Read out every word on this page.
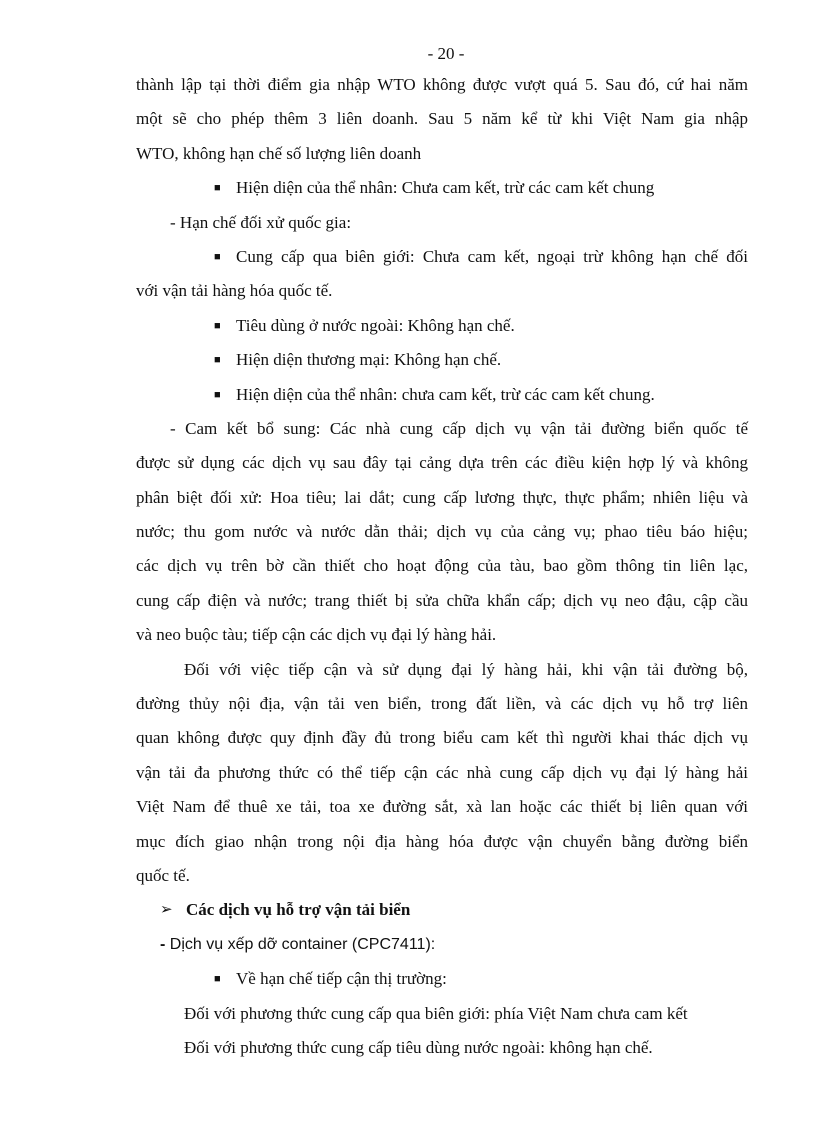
- 20 -
thành lập tại thời điểm gia nhập WTO không được vượt quá 5. Sau đó, cứ hai năm
một sẽ cho phép thêm 3 liên doanh. Sau 5 năm kể từ khi Việt Nam gia nhập
WTO, không hạn chế số lượng liên doanh
■ Hiện diện của thể nhân: Chưa cam kết, trừ các cam kết chung
- Hạn chế đối xử quốc gia:
■ Cung cấp qua biên giới: Chưa cam kết, ngoại trừ không hạn chế đối
với vận tải hàng hóa quốc tế.
■ Tiêu dùng ở nước ngoài: Không hạn chế.
■ Hiện diện thương mại: Không hạn chế.
■ Hiện diện của thể nhân: chưa cam kết, trừ các cam kết chung.
- Cam kết bổ sung: Các nhà cung cấp dịch vụ vận tải đường biển quốc tế
được sử dụng các dịch vụ sau đây tại cảng dựa trên các điều kiện hợp lý và không
phân biệt đối xử: Hoa tiêu; lai dắt; cung cấp lương thực, thực phẩm; nhiên liệu và
nước; thu gom nước và nước dằn thải; dịch vụ của cảng vụ; phao tiêu báo hiệu;
các dịch vụ trên bờ cần thiết cho hoạt động của tàu, bao gồm thông tin liên lạc,
cung cấp điện và nước; trang thiết bị sửa chữa khẩn cấp; dịch vụ neo đậu, cập cầu
và neo buộc tàu; tiếp cận các dịch vụ đại lý hàng hải.
Đối với việc tiếp cận và sử dụng đại lý hàng hải, khi vận tải đường bộ,
đường thủy nội địa, vận tải ven biển, trong đất liền, và các dịch vụ hỗ trợ liên
quan không được quy định đầy đủ trong biểu cam kết thì người khai thác dịch vụ
vận tải đa phương thức có thể tiếp cận các nhà cung cấp dịch vụ đại lý hàng hải
Việt Nam để thuê xe tải, toa xe đường sắt, xà lan hoặc các thiết bị liên quan với
mục đích giao nhận trong nội địa hàng hóa được vận chuyển bằng đường biển
quốc tế.
➢ Các dịch vụ hỗ trợ vận tải biển
- Dịch vụ xếp dỡ container (CPC7411):
■ Về hạn chế tiếp cận thị trường:
Đối với phương thức cung cấp qua biên giới: phía Việt Nam chưa cam kết
Đối với phương thức cung cấp tiêu dùng nước ngoài: không hạn chế.
